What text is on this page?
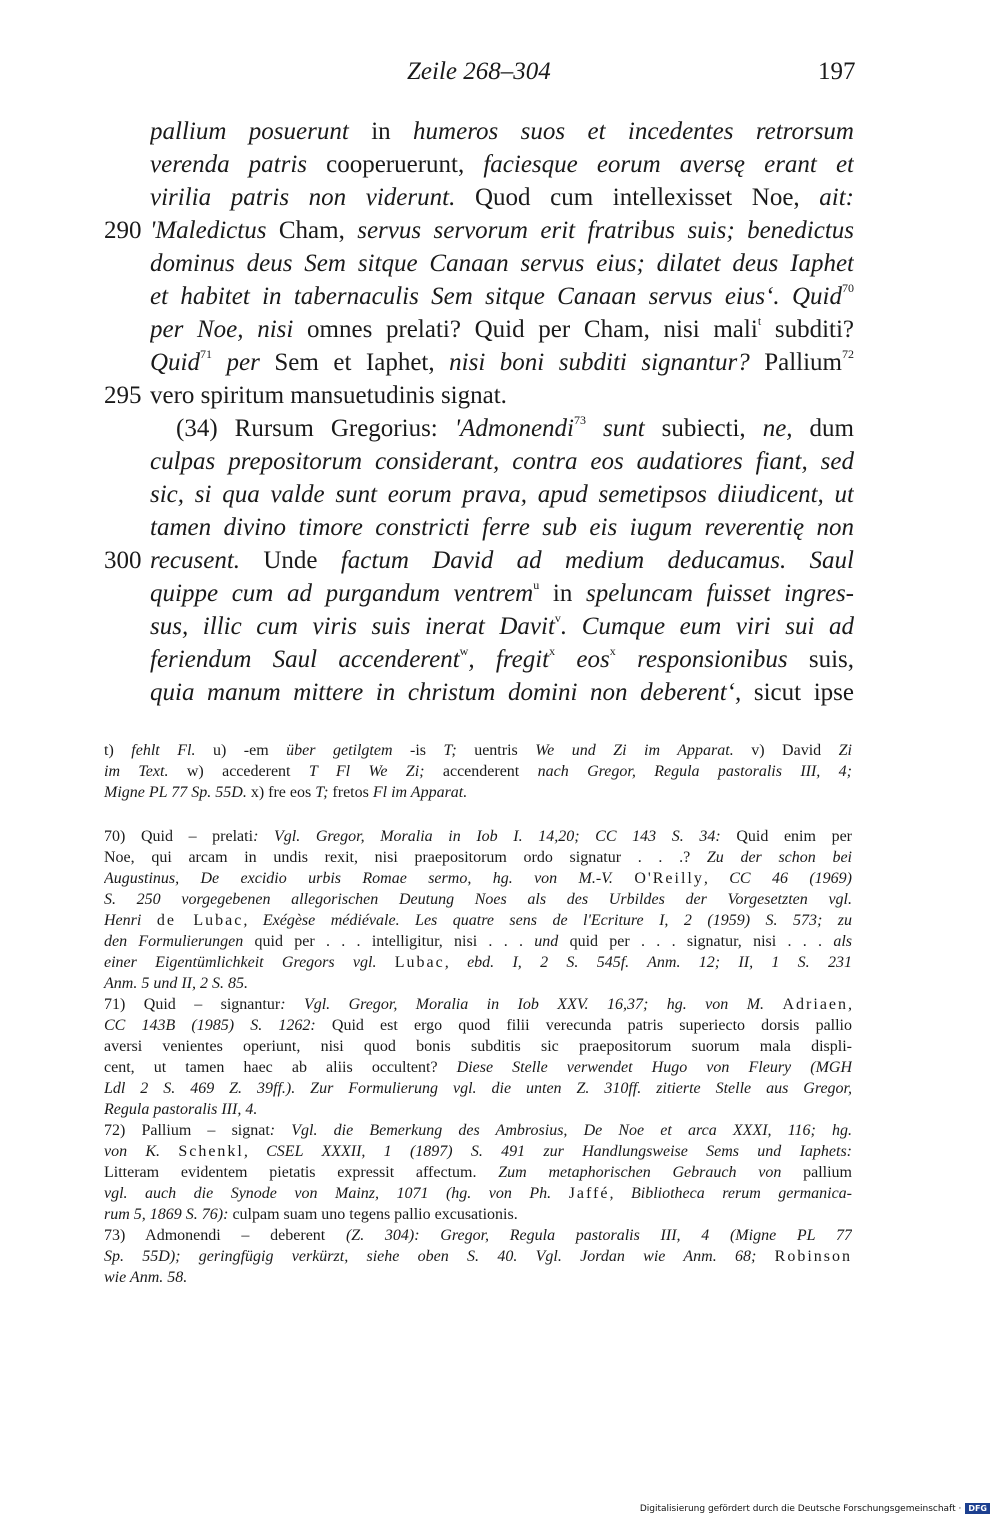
Zeile 268–304	197
pallium posuerunt in humeros suos et incedentes retrorsum
verenda patris cooperuerunt, faciesque eorum aversę erant et
virilia patris non viderunt. Quod cum intellexisset Noe, ait:
290 'Maledictus Cham, servus servorum erit fratribus suis; benedictus
dominus deus Sem sitque Canaan servus eius; dilatet deus Iaphet
et habitet in tabernaculis Sem sitque Canaan servus eius‘. Quid$^{70}$
per Noe, nisi omnes prelati? Quid per Cham, nisi mali$^t$ subditi?
Quid$^{71}$ per Sem et Iaphet, nisi boni subditi signantur? Pallium$^{72}$
295 vero spiritum mansuetudinis signat.
(34) Rursum Gregorius: 'Admonendi$^{73}$ sunt subiecti, ne, dum
culpas prepositorum considerant, contra eos audatiores fiant, sed
sic, si qua valde sunt eorum prava, apud semetipsos diiudicent, ut
tamen divino timore constricti ferre sub eis iugum reverentię non
300 recusent. Unde factum David ad medium deducamus. Saul
quippe cum ad purgandum ventrem$^u$ in speluncam fuisset ingres-
sus, illic cum viris suis inerat Davit$^v$. Cumque eum viri sui ad
feriendum Saul accenderent$^w$, fregit$^x$ eos$^x$ responsionibus suis,
quia manum mittere in christum domini non deberent‘, sicut ipse
t) fehlt Fl. u) -em über getilgtem -is T; uentris We und Zi im Apparat. v) David Zi
im Text. w) accederent T Fl We Zi; accenderent nach Gregor, Regula pastoralis III, 4;
Migne PL 77 Sp. 55D. x) fre eos T; fretos Fl im Apparat.
70) Quid – prelati: Vgl. Gregor, Moralia in Iob I. 14,20; CC 143 S. 34: Quid enim per
Noe, qui arcam in undis rexit, nisi praepositorum ordo signatur . . .? Zu der schon bei
Augustinus, De excidio urbis Romae sermo, hg. von M.-V. O'Reilly, CC 46 (1969)
S. 250 vorgegebenen allegorischen Deutung Noes als des Urbildes der Vorgesetzten vgl.
Henri de Lubac, Exégèse médiévale. Les quatre sens de l'Ecriture I, 2 (1959) S. 573; zu
den Formulierungen quid per . . . intelligitur, nisi . . . und quid per . . . signatur, nisi . . . als
einer Eigentümlichkeit Gregors vgl. Lubac, ebd. I, 2 S. 545f. Anm. 12; II, 1 S. 231
Anm. 5 und II, 2 S. 85.
71) Quid – signantur: Vgl. Gregor, Moralia in Iob XXV. 16,37; hg. von M. Adriaen,
CC 143B (1985) S. 1262: Quid est ergo quod filii verecunda patris superiecto dorsis pallio
aversi venientes operiunt, nisi quod bonis subditis sic praepositorum suorum mala displi-
cent, ut tamen haec ab aliis occultent? Diese Stelle verwendet Hugo von Fleury (MGH
Ldl 2 S. 469 Z. 39ff.). Zur Formulierung vgl. die unten Z. 310ff. zitierte Stelle aus Gregor,
Regula pastoralis III, 4.
72) Pallium – signat: Vgl. die Bemerkung des Ambrosius, De Noe et arca XXXI, 116; hg.
von K. Schenkl, CSEL XXXII, 1 (1897) S. 491 zur Handlungsweise Sems und Iaphets:
Litteram evidentem pietatis expressit affectum. Zum metaphorischen Gebrauch von pallium
vgl. auch die Synode von Mainz, 1071 (hg. von Ph. Jaffé, Bibliotheca rerum germanica-
rum 5, 1869 S. 76): culpam suam uno tegens pallio excusationis.
73) Admonendi – deberent (Z. 304): Gregor, Regula pastoralis III, 4 (Migne PL 77
Sp. 55D); geringfügig verkürzt, siehe oben S. 40. Vgl. Jordan wie Anm. 68; Robinson
wie Anm. 58.
Digitalisierung gefördert durch die Deutsche Forschungsgemeinschaft · DFG
